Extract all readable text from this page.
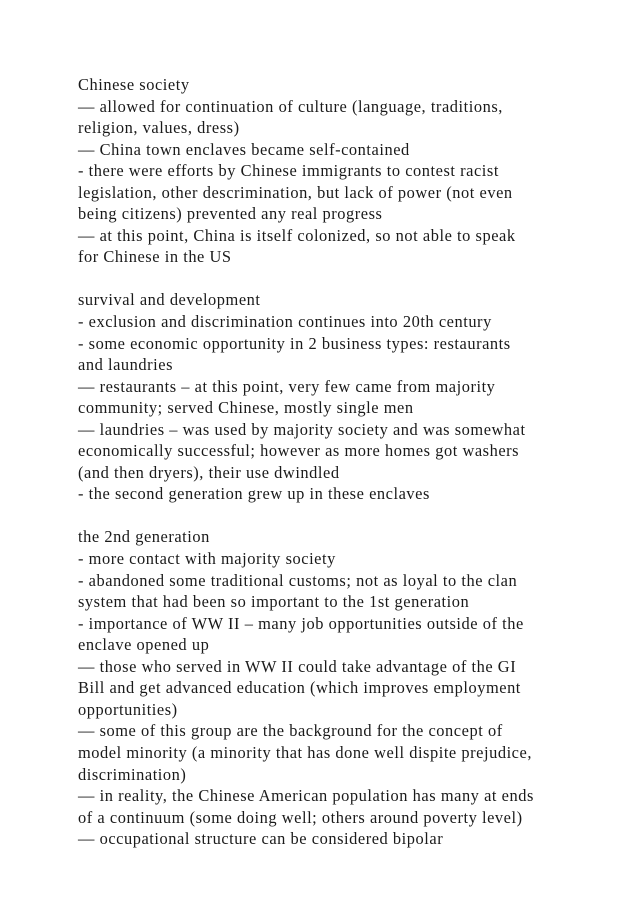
Chinese society
— allowed for continuation of culture (language, traditions,
religion, values, dress)
— China town enclaves became self-contained
- there were efforts by Chinese immigrants to contest racist
legislation, other descrimination, but lack of power (not even
being citizens) prevented any real progress
— at this point, China is itself colonized, so not able to speak
for Chinese in the US
survival and development
- exclusion and discrimination continues into 20th century
- some economic opportunity in 2 business types: restaurants
and laundries
— restaurants – at this point, very few came from majority
community; served Chinese, mostly single men
— laundries – was used by majority society and was somewhat
economically successful; however as more homes got washers
(and then dryers), their use dwindled
- the second generation grew up in these enclaves
the 2nd generation
- more contact with majority society
- abandoned some traditional customs; not as loyal to the clan
system that had been so important to the 1st generation
- importance of WW II – many job opportunities outside of the
enclave opened up
— those who served in WW II could take advantage of the GI
Bill and get advanced education (which improves employment
opportunities)
— some of this group are the background for the concept of
model minority (a minority that has done well dispite prejudice,
discrimination)
— in reality, the Chinese American population has many at ends
of a continuum (some doing well; others around poverty level)
— occupational structure can be considered bipolar
